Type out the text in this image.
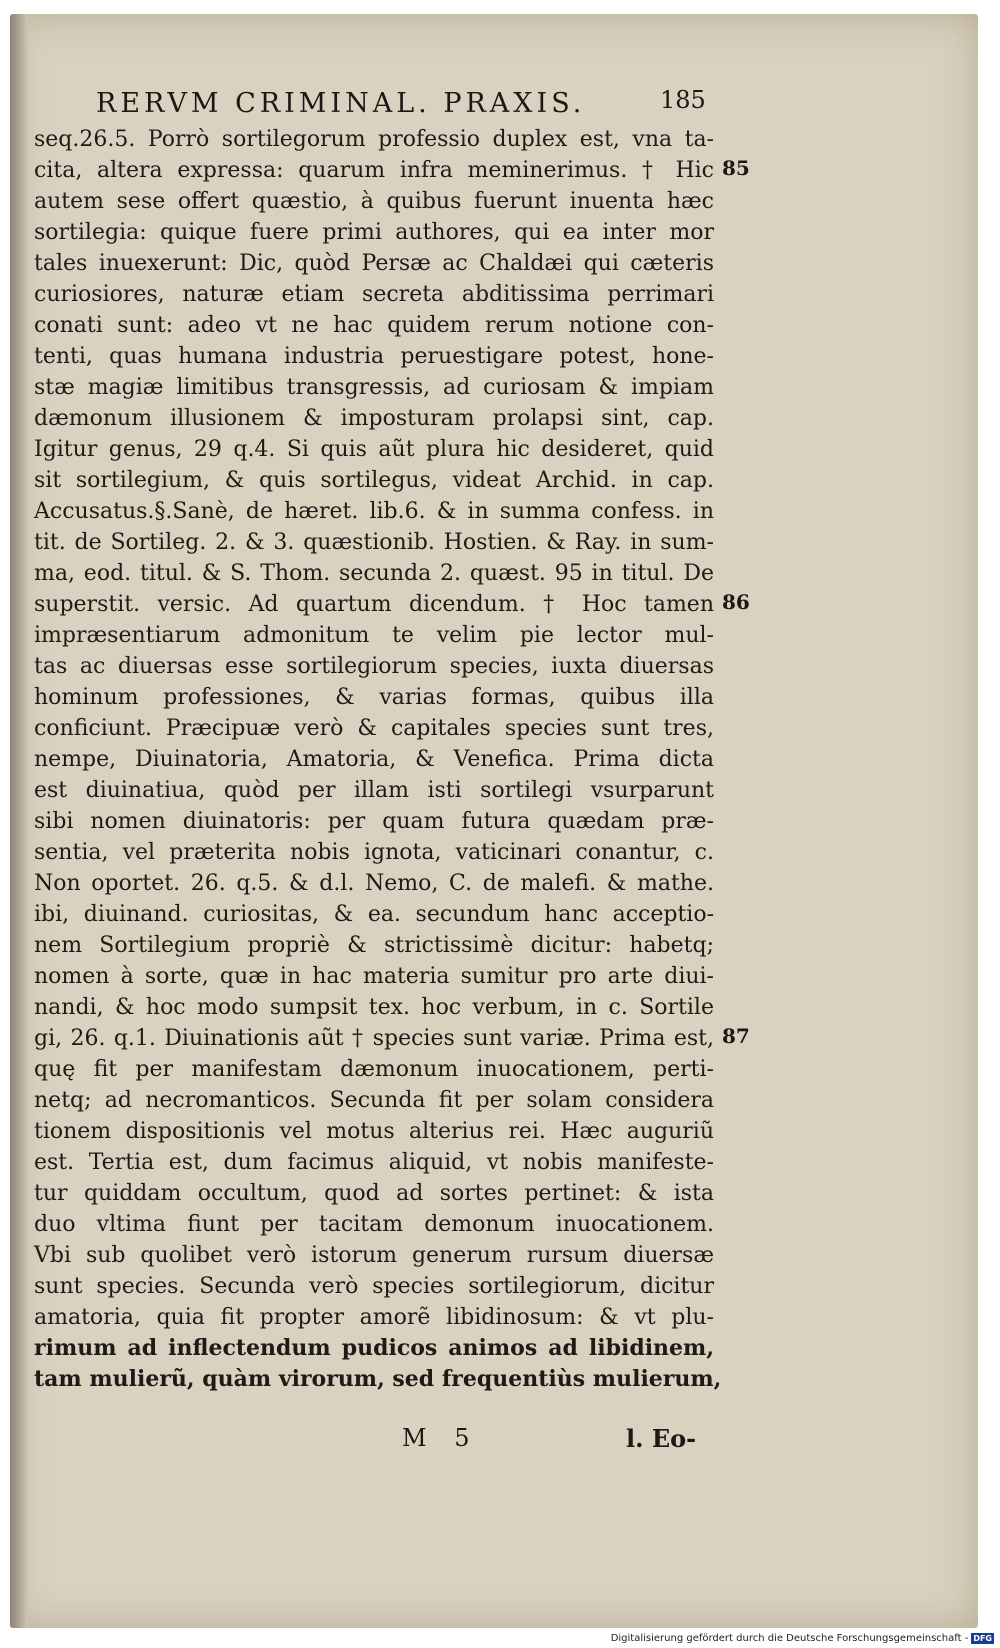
RERVM CRIMINAL. PRAXIS.	185
seq.26.5. Porrò sortilegorum professio duplex est, vna ta-
cita, altera expressa: quarum infra meminerimus. † Hic
autem sese offert quæstio, à quibus fuerunt inuenta hæc
sortilegia: quique fuere primi authores, qui ea inter mor
tales inuexerunt: Dic, quòd Persæ ac Chaldæi qui cæteris
curiosiores, naturæ etiam secreta abditissima perrimari
conati sunt: adeo vt ne hac quidem rerum notione con-
tenti, quas humana industria peruestigare potest, hone-
stæ magiæ limitibus transgressis, ad curiosam & impiam
dæmonum illusionem & imposturam prolapsi sint, cap.
Igitur genus, 29 q.4. Si quis aũt plura hic desideret, quid
sit sortilegium, & quis sortilegus, videat Archid. in cap.
Accusatus.§.Sanè, de hæret. lib.6. & in summa confess. in
tit. de Sortileg. 2. & 3. quæstionib. Hostien. & Ray. in sum-
ma, eod. titul. & S. Thom. secunda 2. quæst. 95 in titul. De
superstit. versic. Ad quartum dicendum. † Hoc tamen
impræsentiarum admonitum te velim pie lector mul-
tas ac diuersas esse sortilegiorum species, iuxta diuersas
hominum professiones, & varias formas, quibus illa
conficiunt. Præcipuæ verò & capitales species sunt tres,
nempe, Diuinatoria, Amatoria, & Venefica. Prima dicta
est diuinatiua, quòd per illam isti sortilegi vsurparunt
sibi nomen diuinatoris: per quam futura quædam præ-
sentia, vel præterita nobis ignota, vaticinari conantur, c.
Non oportet. 26. q.5. & d.l. Nemo, C. de malefi. & mathe.
ibi, diuinand. curiositas, & ea. secundum hanc acceptio-
nem Sortilegium propriè & strictissimè dicitur: habetq;
nomen à sorte, quæ in hac materia sumitur pro arte diui-
nandi, & hoc modo sumpsit tex. hoc verbum, in c. Sortile
gi, 26. q.1. Diuinationis aũt † species sunt variæ. Prima est,
quę fit per manifestam dæmonum inuocationem, perti-
netq; ad necromanticos. Secunda fit per solam considera
tionem dispositionis vel motus alterius rei. Hæc auguriũ
est. Tertia est, dum facimus aliquid, vt nobis manifeste-
tur quiddam occultum, quod ad sortes pertinet: & ista
duo vltima fiunt per tacitam demonum inuocationem.
Vbi sub quolibet verò istorum generum rursum diuersæ
sunt species. Secunda verò species sortilegiorum, dicitur
amatoria, quia fit propter amorẽ libidinosum: & vt plu-
rimum ad inflectendum pudicos animos ad libidinem,
tam mulierũ, quàm virorum, sed frequentiùs mulierum,
85
86
87
M 5	l. Eo-
Digitalisierung gefördert durch die Deutsche Forschungsgemeinschaft - DFG
